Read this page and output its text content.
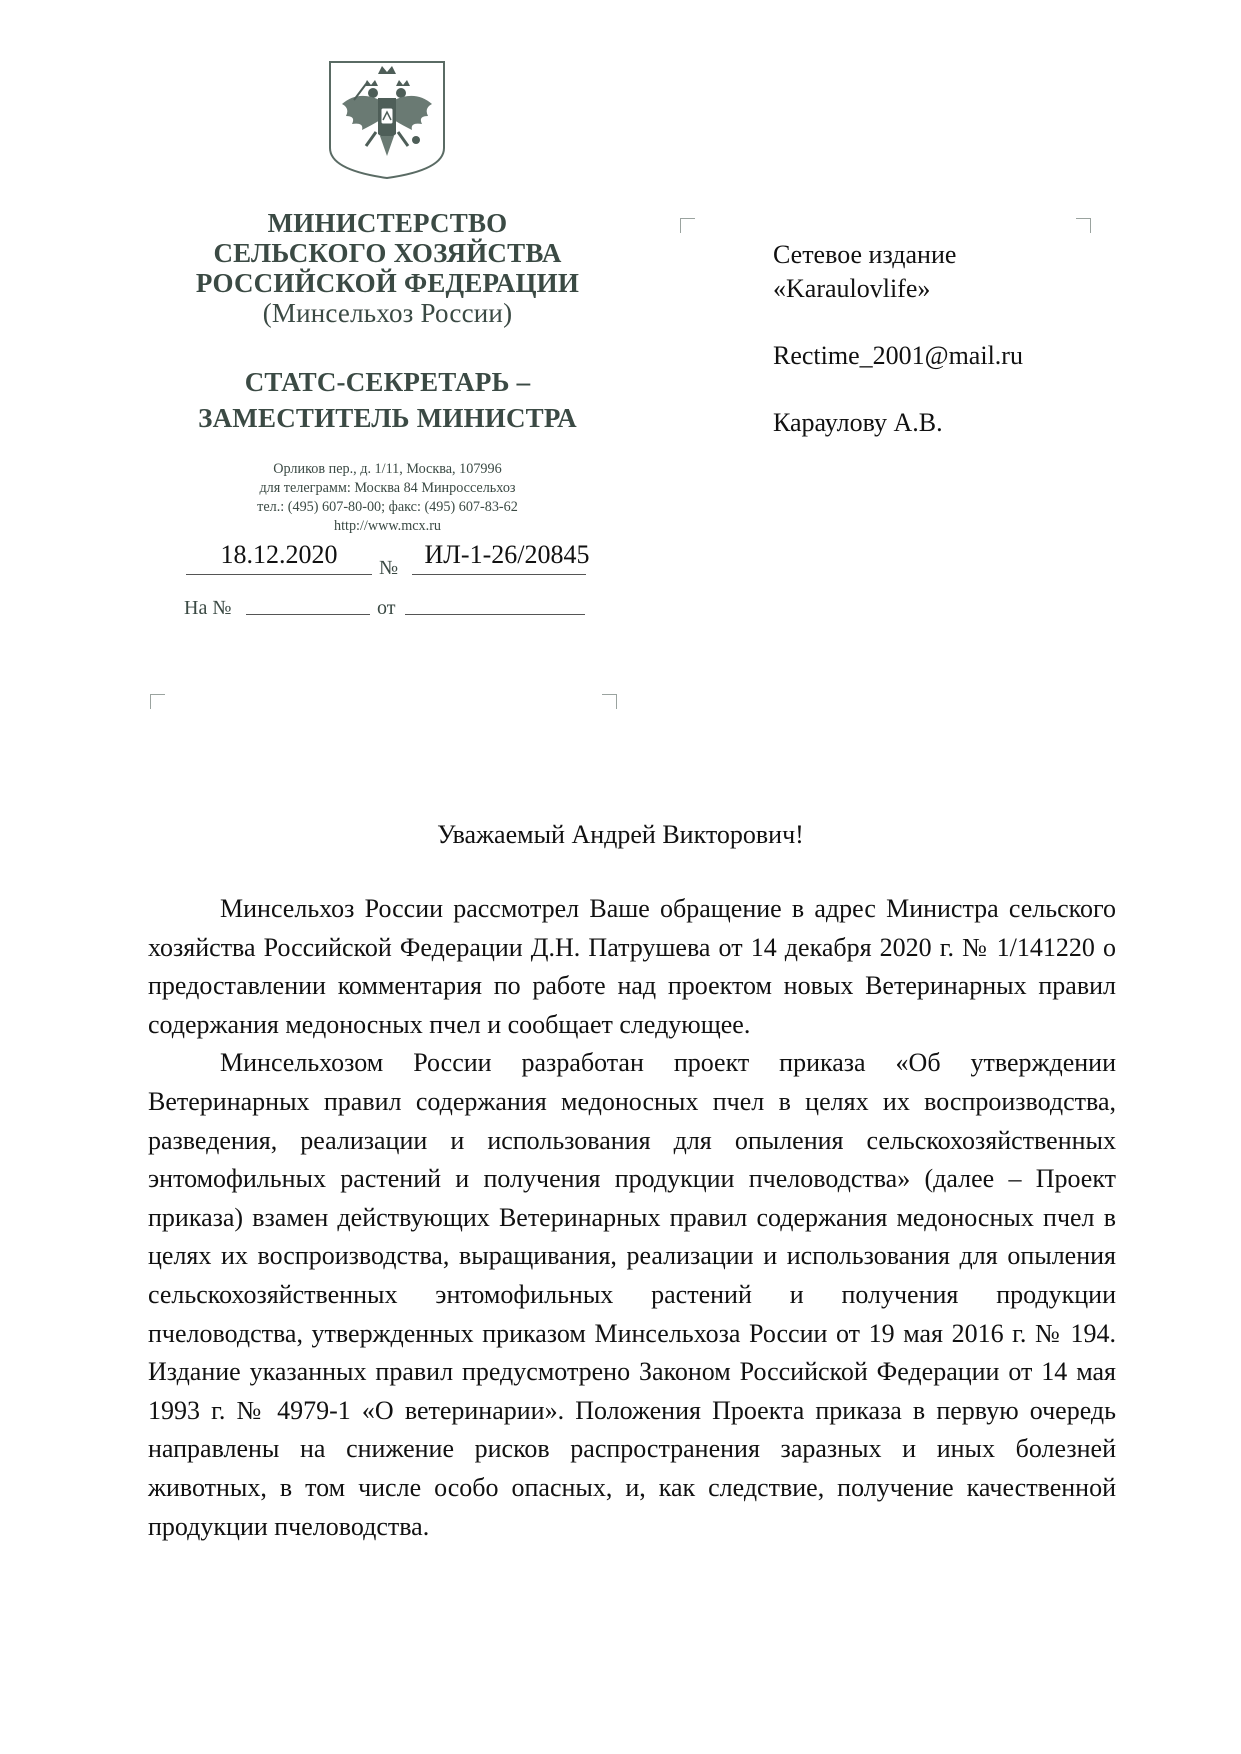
МИНИСТЕРСТВО
СЕЛЬСКОГО ХОЗЯЙСТВА
РОССИЙСКОЙ ФЕДЕРАЦИИ
(Минсельхоз России)
СТАТС-СЕКРЕТАРЬ –
ЗАМЕСТИТЕЛЬ МИНИСТРА
Орликов пер., д. 1/11, Москва, 107996
для телеграмм: Москва 84 Минроссельхоз
тел.: (495) 607-80-00; факс: (495) 607-83-62
http://www.mcx.ru
18.12.2020	№	ИЛ-1-26/20845
На №	от

Сетевое издание

«Karaulovlife»

Rectime_2001@mail.ru

Караулову А.В.

Уважаемый Андрей Викторович!

Минсельхоз России рассмотрел Ваше обращение в адрес Министра сельского хозяйства Российской Федерации Д.Н. Патрушева от 14 декабря 2020 г. № 1/141220 о предоставлении комментария по работе над проектом новых Ветеринарных правил содержания медоносных пчел и сообщает следующее.

Минсельхозом России разработан проект приказа «Об утверждении Ветеринарных правил содержания медоносных пчел в целях их воспроизводства, разведения, реализации и использования для опыления сельскохозяйственных энтомофильных растений и получения продукции пчеловодства» (далее – Проект приказа) взамен действующих Ветеринарных правил содержания медоносных пчел в целях их воспроизводства, выращивания, реализации и использования для опыления сельскохозяйственных энтомофильных растений и получения продукции пчеловодства, утвержденных приказом Минсельхоза России от 19 мая 2016 г. № 194. Издание указанных правил предусмотрено Законом Российской Федерации от 14 мая 1993 г. № 4979-1 «О ветеринарии». Положения Проекта приказа в первую очередь направлены на снижение рисков распространения заразных и иных болезней животных, в том числе особо опасных, и, как следствие, получение качественной продукции пчеловодства.
